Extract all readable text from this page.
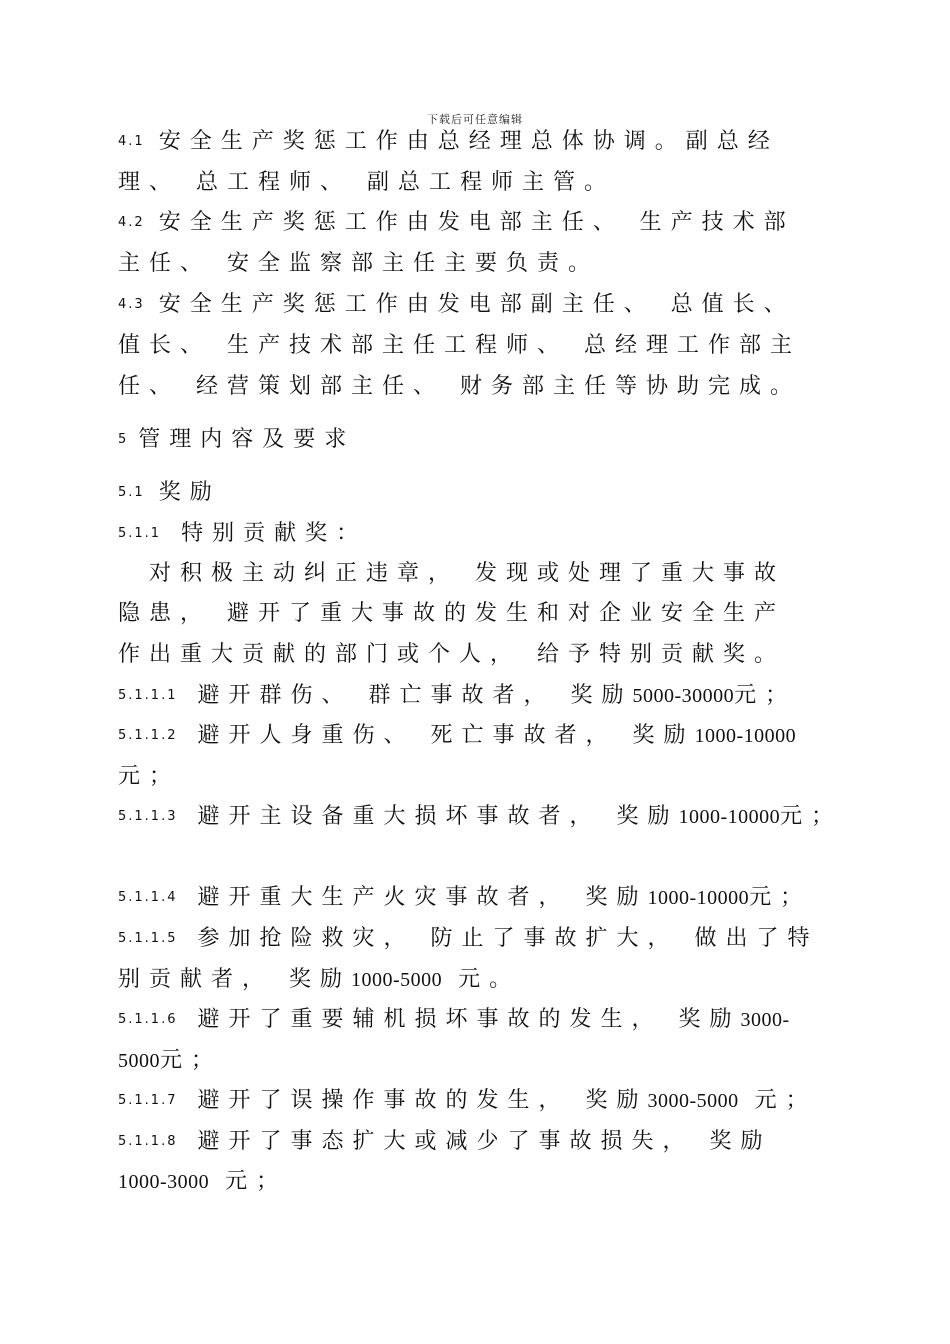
下载后可任意编辑
4.1 安全生产奖惩工作由总经理总体协调。副总经
理、 总工程师、 副总工程师主管。
4.2 安全生产奖惩工作由发电部主任、 生产技术部
主任、 安全监察部主任主要负责。
4.3 安全生产奖惩工作由发电部副主任、 总值长、
值长、 生产技术部主任工程师、 总经理工作部主
任、 经营策划部主任、 财务部主任等协助完成。
5 管理内容及要求
5.1 奖励
5.1.1 特别贡献奖：
　对积极主动纠正违章， 发现或处理了重大事故
隐患， 避开了重大事故的发生和对企业安全生产
作出重大贡献的部门或个人， 给予特别贡献奖。
5.1.1.1 避开群伤、 群亡事故者， 奖励5000-30000元；
5.1.1.2 避开人身重伤、 死亡事故者， 奖励1000-10000
元；
5.1.1.3 避开主设备重大损坏事故者， 奖励1000-10000元；
5.1.1.4 避开重大生产火灾事故者， 奖励1000-10000元；
5.1.1.5 参加抢险救灾， 防止了事故扩大， 做出了特
别贡献者， 奖励1000-5000 元。
5.1.1.6 避开了重要辅机损坏事故的发生， 奖励3000-
5000元；
5.1.1.7 避开了误操作事故的发生， 奖励3000-5000 元；
5.1.1.8 避开了事态扩大或减少了事故损失， 奖励
1000-3000 元；
